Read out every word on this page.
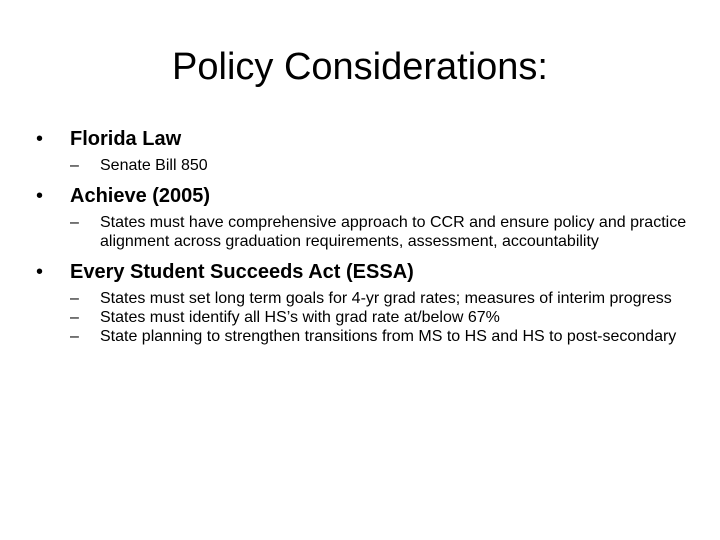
Policy Considerations:
• Florida Law
– Senate Bill 850
• Achieve (2005)
– States must have comprehensive approach to CCR and ensure policy and practice alignment across graduation requirements, assessment, accountability
• Every Student Succeeds Act (ESSA)
– States must set long term goals for 4-yr grad rates; measures of interim progress
– States must identify all HS’s with grad rate at/below 67%
– State planning to strengthen transitions from MS to HS and HS to post-secondary
